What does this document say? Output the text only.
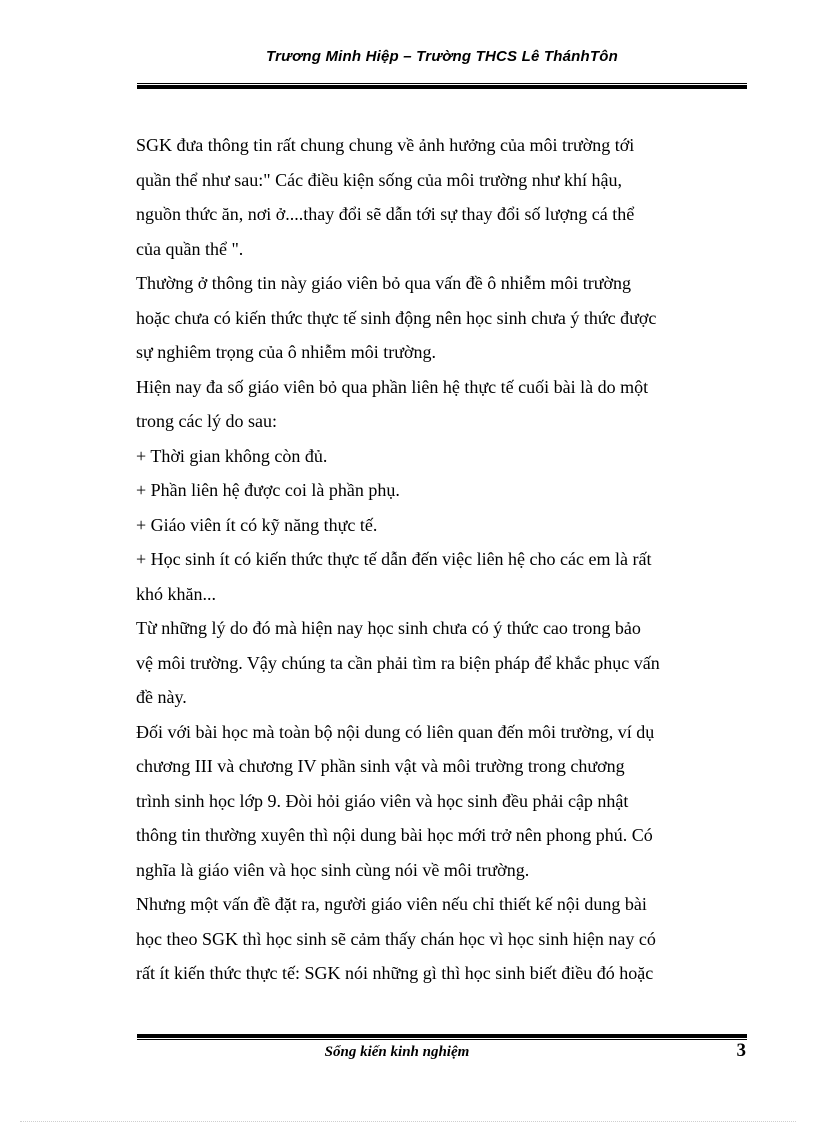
Trương Minh Hiệp – Trường THCS Lê ThánhTôn
SGK đưa thông tin rất chung chung về ảnh hưởng của môi trường tới
quần thể như sau:" Các điều kiện sống của môi trường như khí hậu,
nguồn thức ăn, nơi ở....thay đổi sẽ dẫn tới sự thay đổi số lượng cá thể
của quần thể ".
Thường ở thông tin này giáo viên bỏ qua vấn đề ô nhiễm môi trường
hoặc chưa có kiến thức thực tế sinh động nên học sinh chưa ý thức được
sự nghiêm trọng của ô nhiễm môi trường.
Hiện nay đa số giáo viên bỏ qua phần liên hệ thực tế cuối bài là do một
trong các lý do sau:
+ Thời gian không còn đủ.
+ Phần liên hệ được coi là phần phụ.
+ Giáo viên ít có kỹ năng thực tế.
+ Học sinh ít có kiến thức thực tế dẫn đến việc liên hệ cho các em là rất
khó khăn...
Từ những lý do đó mà hiện nay học sinh chưa có ý thức cao trong bảo
vệ môi trường. Vậy chúng ta cần phải tìm ra biện pháp để khắc phục vấn
đề này.
Đối với bài học mà toàn bộ nội dung có liên quan đến môi trường, ví dụ
chương III và chương IV phần sinh vật và môi trường trong chương
trình sinh học lớp 9. Đòi hỏi giáo viên và học sinh đều phải cập nhật
thông tin thường xuyên thì nội dung bài học mới trở nên phong phú. Có
nghĩa là giáo viên và học sinh cùng nói về môi trường.
Nhưng một vấn đề đặt ra, người giáo viên nếu chỉ thiết kế nội dung bài
học theo SGK thì học sinh sẽ cảm thấy chán học vì học sinh hiện nay có
rất ít kiến thức thực tế: SGK nói những gì thì học sinh biết điều đó hoặc
Sổng kiến kinh nghiệm	3
